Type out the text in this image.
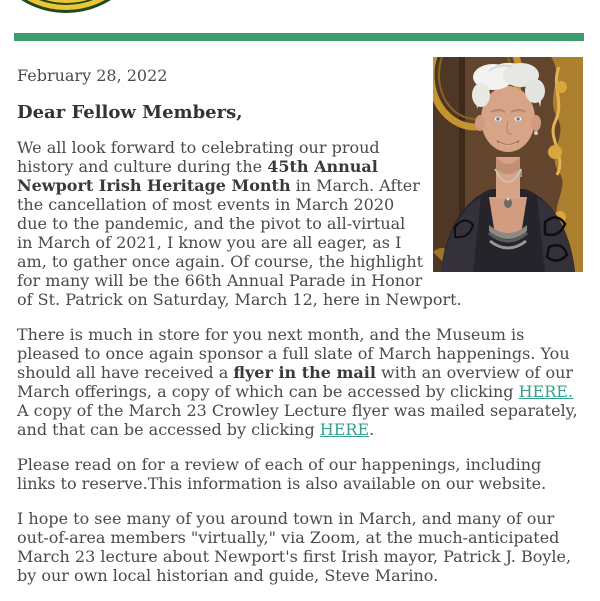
February 28, 2022

Dear Fellow Members,

We all look forward to celebrating our proud history and culture during the 45th Annual Newport Irish Heritage Month in March. After the cancellation of most events in March 2020 due to the pandemic, and the pivot to all-virtual in March of 2021, I know you are all eager, as I am, to gather once again. Of course, the highlight for many will be the 66th Annual Parade in Honor of St. Patrick on Saturday, March 12, here in Newport.

There is much in store for you next month, and the Museum is pleased to once again sponsor a full slate of March happenings. You should all have received a flyer in the mail with an overview of our March offerings, a copy of which can be accessed by clicking HERE. A copy of the March 23 Crowley Lecture flyer was mailed separately, and that can be accessed by clicking HERE.

Please read on for a review of each of our happenings, including links to reserve.This information is also available on our website.

I hope to see many of you around town in March, and many of our out-of-area members "virtually," via Zoom, at the much-anticipated March 23 lecture about Newport's first Irish mayor, Patrick J. Boyle, by our own local historian and guide, Steve Marino.
